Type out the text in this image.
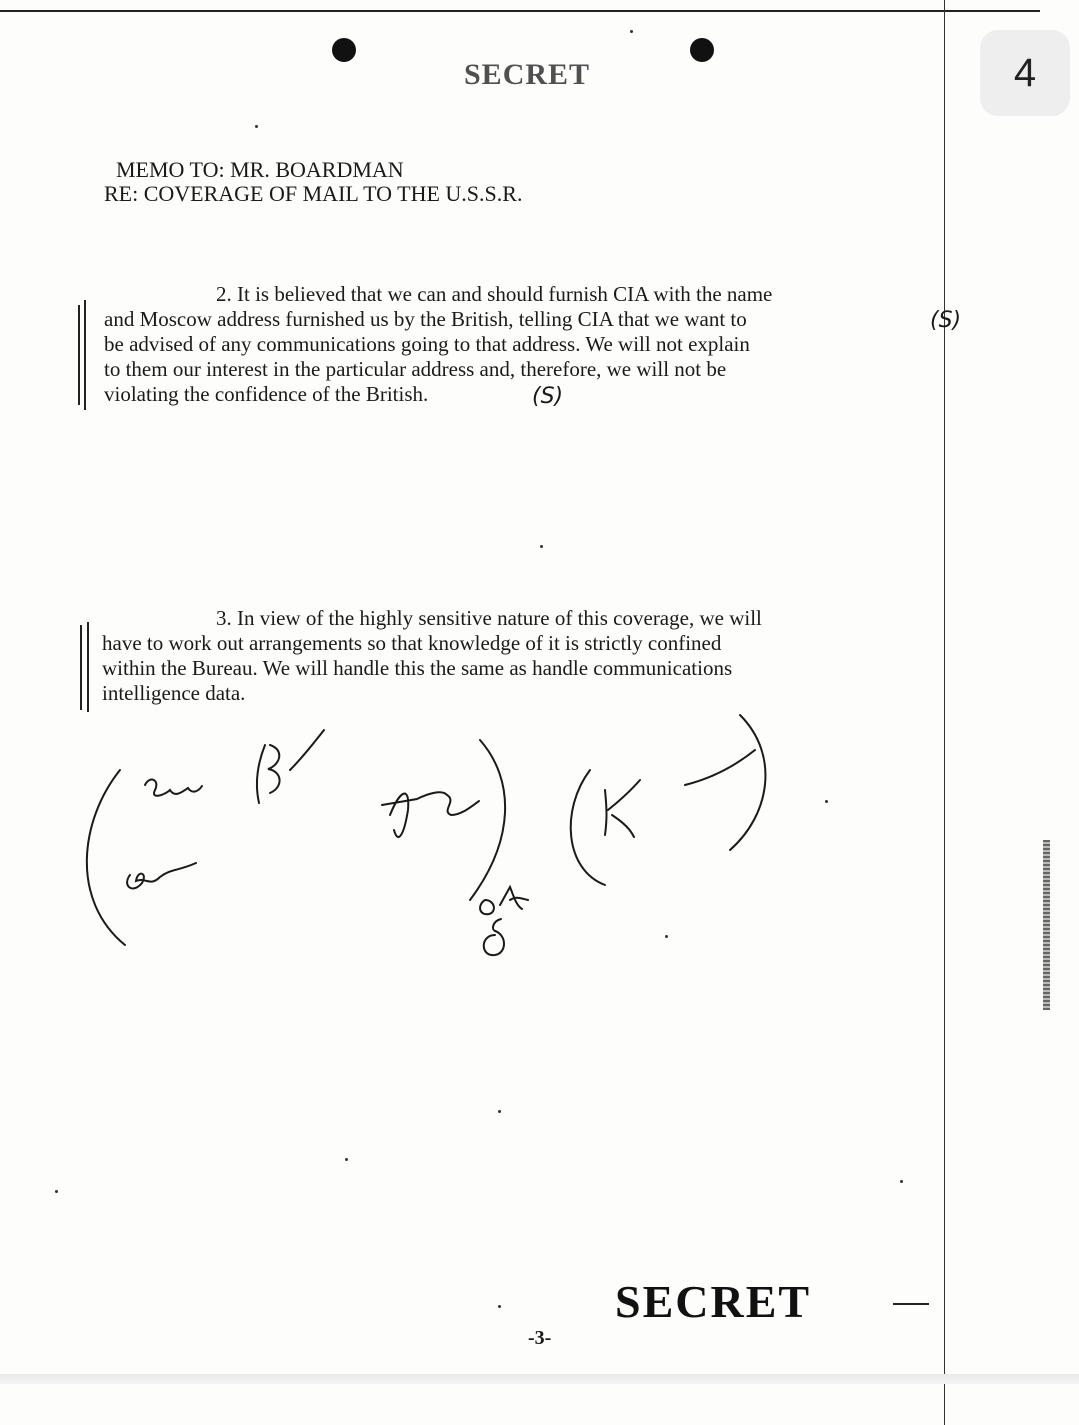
4
SECRET
MEMO TO: MR. BOARDMAN
RE: COVERAGE OF MAIL TO THE U.S.S.R.
2. It is believed that we can and should furnish CIA with the name
and Moscow address furnished us by the British, telling CIA that we want to
be advised of any communications going to that address. We will not explain
to them our interest in the particular address and, therefore, we will not be
violating the confidence of the British.
(S)
(S)
3. In view of the highly sensitive nature of this coverage, we will
have to work out arrangements so that knowledge of it is strictly confined
within the Bureau. We will handle this the same as handle communications
intelligence data.
SECRET
-3-
